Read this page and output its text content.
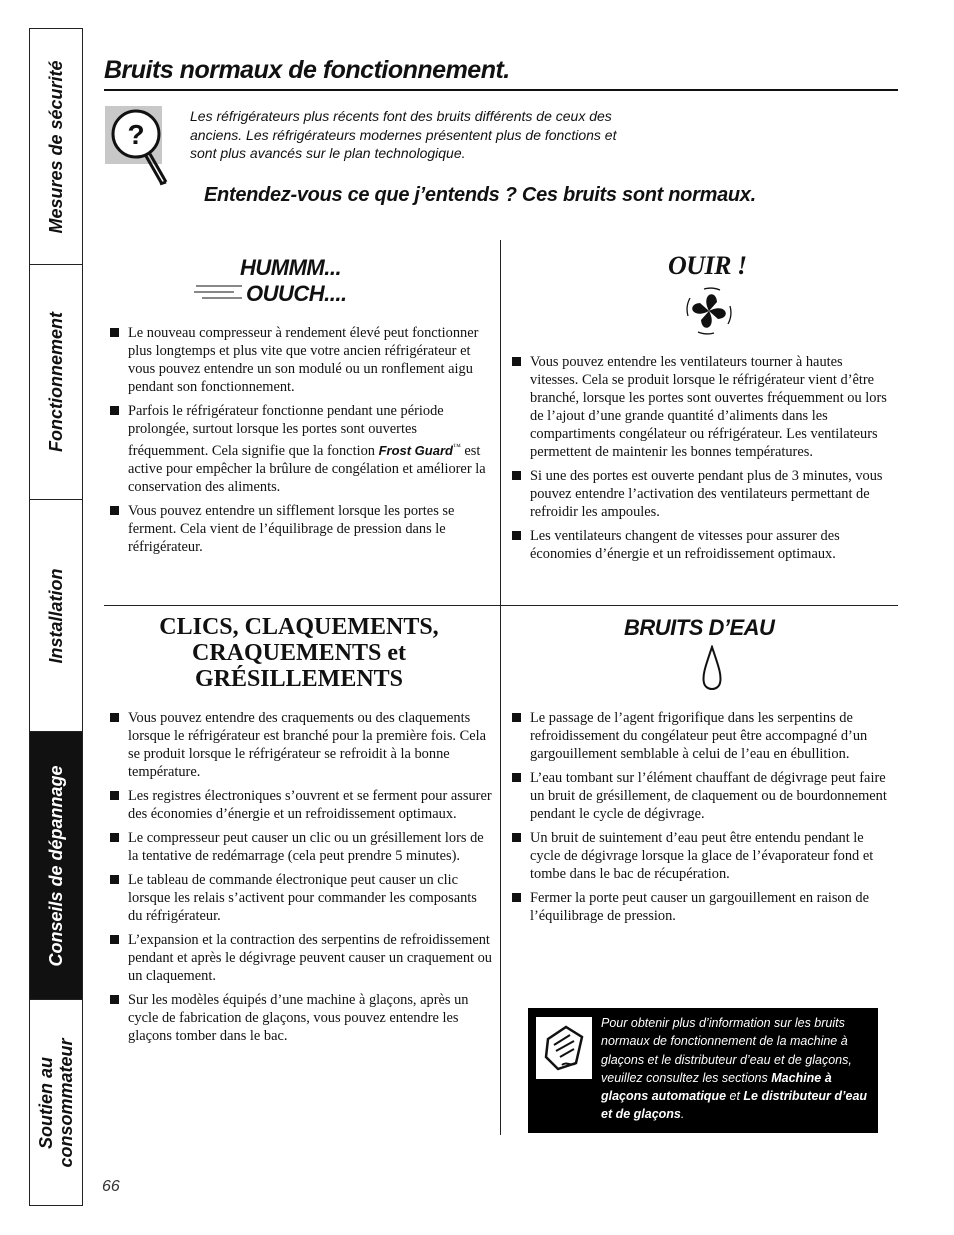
Mesures de sécurité
Fonctionnement
Installation
Conseils de dépannage
Soutien au consommateur
Bruits normaux de fonctionnement.
?
Les réfrigérateurs plus récents font des bruits différents de ceux des anciens. Les réfrigérateurs modernes présentent plus de fonctions et sont plus avancés sur le plan technologique.
Entendez-vous ce que j’entends ? Ces bruits sont normaux.
HUMMM...
OUUCH....
Le nouveau compresseur à rendement élevé peut fonctionner plus longtemps et plus vite que votre ancien réfrigérateur et vous pouvez entendre un son modulé ou un ronflement aigu pendant son fonctionnement.
Parfois le réfrigérateur fonctionne pendant une période prolongée, surtout lorsque les portes sont ouvertes fréquemment. Cela signifie que la fonction Frost Guard™ est active pour empêcher la brûlure de congélation et améliorer la conservation des aliments.
Vous pouvez entendre un sifflement lorsque les portes se ferment. Cela vient de l’équilibrage de pression dans le réfrigérateur.
OUIR !
Vous pouvez entendre les ventilateurs tourner à hautes vitesses. Cela se produit lorsque le réfrigérateur vient d’être branché, lorsque les portes sont ouvertes fréquemment ou lors de l’ajout d’une grande quantité d’aliments dans les compartiments congélateur ou réfrigérateur. Les ventilateurs permettent de maintenir les bonnes températures.
Si une des portes est ouverte pendant plus de 3 minutes, vous pouvez entendre l’activation des ventilateurs permettant de refroidir les ampoules.
Les ventilateurs changent de vitesses pour assurer des économies d’énergie et un refroidissement optimaux.
CLICS, CLAQUEMENTS,
CRAQUEMENTS et
GRÉSILLEMENTS
Vous pouvez entendre des craquements ou des claquements lorsque le réfrigérateur est branché pour la première fois. Cela se produit lorsque le réfrigérateur se refroidit à la bonne température.
Les registres électroniques s’ouvrent et se ferment pour assurer des économies d’énergie et un refroidissement optimaux.
Le compresseur peut causer un clic ou un grésillement lors de la tentative de redémarrage (cela peut prendre 5 minutes).
Le tableau de commande électronique peut causer un clic lorsque les relais s’activent pour commander les composants du réfrigérateur.
L’expansion et la contraction des serpentins de refroidissement pendant et après le dégivrage peuvent causer un craquement ou un claquement.
Sur les modèles équipés d’une machine à glaçons, après un cycle de fabrication de glaçons, vous pouvez entendre les glaçons tomber dans le bac.
BRUITS D’EAU
Le passage de l’agent frigorifique dans les serpentins de refroidissement du congélateur peut être accompagné d’un gargouillement semblable à celui de l’eau en ébullition.
L’eau tombant sur l’élément chauffant de dégivrage peut faire un bruit de grésillement, de claquement ou de bourdonnement pendant le cycle de dégivrage.
Un bruit de suintement d’eau peut être entendu pendant le cycle de dégivrage lorsque la glace de l’évaporateur fond et tombe dans le bac de récupération.
Fermer la porte peut causer un gargouillement en raison de l’équilibrage de pression.
Pour obtenir plus d’information sur les bruits normaux de fonctionnement de la machine à glaçons et le distributeur d’eau et de glaçons, veuillez consultez les sections Machine à glaçons automatique et Le distributeur d’eau et de glaçons.
66
